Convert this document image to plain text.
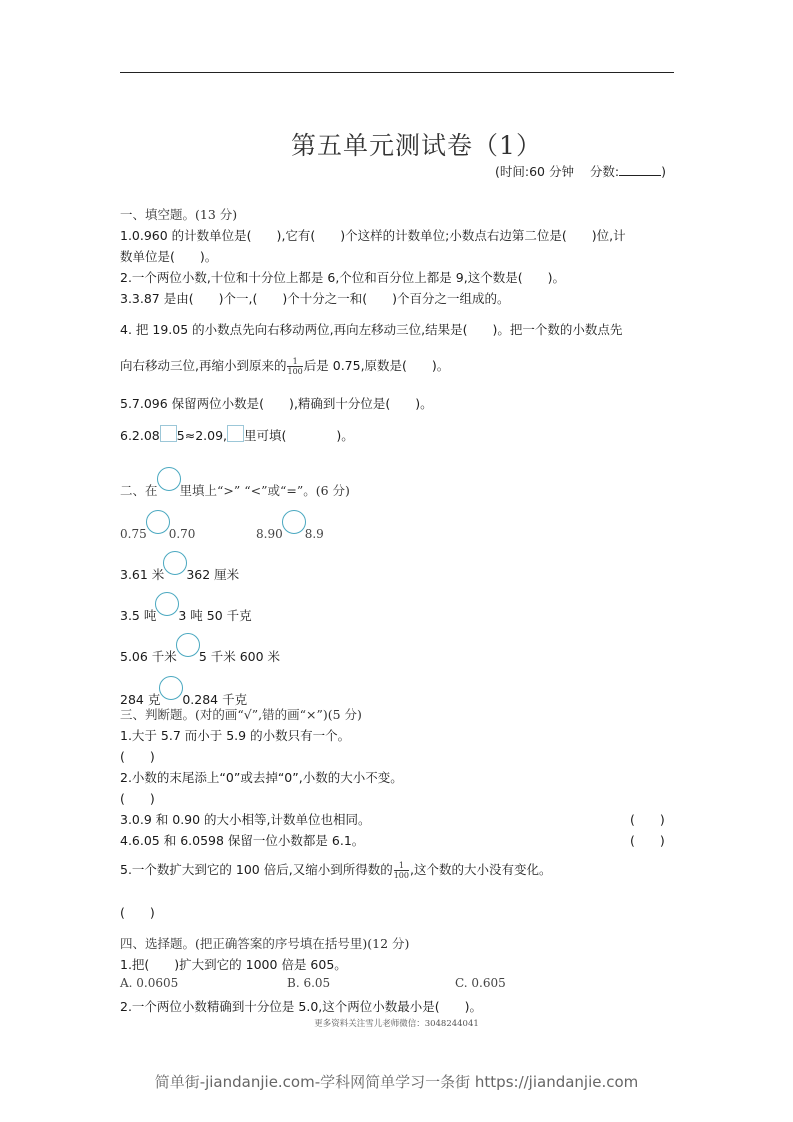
第五单元测试卷（1）
(时间:60 分钟 分数:	)
一、填空题。(13 分)
1.0.960 的计数单位是(　　),它有(　　)个这样的计数单位;小数点右边第二位是(　　)位,计
数单位是(　　)。
2.一个两位小数,十位和十分位上都是 6,个位和百分位上都是 9,这个数是(　　)。
3.3.87 是由(　　)个一,(　　)个十分之一和(　　)个百分之一组成的。
4. 把 19.05 的小数点先向右移动两位,再向左移动三位,结果是(　　)。把一个数的小数点先
向右移动三位,再缩小到原来的 $\frac{1}{100}$ 后是 0.75,原数是(　　)。
5.7.096 保留两位小数是(　　),精确到十分位是(　　)。
6.2.08 5≈2.09, 里可填(　　　　)。
二、在 里填上“>” “<”或“=”。(6 分)
0.75 0.70	8.90 8.9
3.61 米 362 厘米
3.5 吨 3 吨 50 千克
5.06 千米 5 千米 600 米
284 克 0.284 千克
三、判断题。(对的画“√”,错的画“×”)(5 分)
1.大于 5.7 而小于 5.9 的小数只有一个。
(　　)
2.小数的末尾添上“0”或去掉“0”,小数的大小不变。
(　　)
3.0.9 和 0.90 的大小相等,计数单位也相同。	(　　)
4.6.05 和 6.0598 保留一位小数都是 6.1。	(　　)
5.一个数扩大到它的 100 倍后,又缩小到所得数的 $\frac{1}{100}$ ,这个数的大小没有变化。
(　　)
四、选择题。(把正确答案的序号填在括号里)(12 分)
1.把(　　)扩大到它的 1000 倍是 605。
A. 0.0605	B. 6.05	C. 0.605
2.一个两位小数精确到十分位是 5.0,这个两位小数最小是(　　)。
更多资料关注雪儿老师微信：3048244041
简单街-jiandanjie.com-学科网简单学习一条街 https://jiandanjie.com
